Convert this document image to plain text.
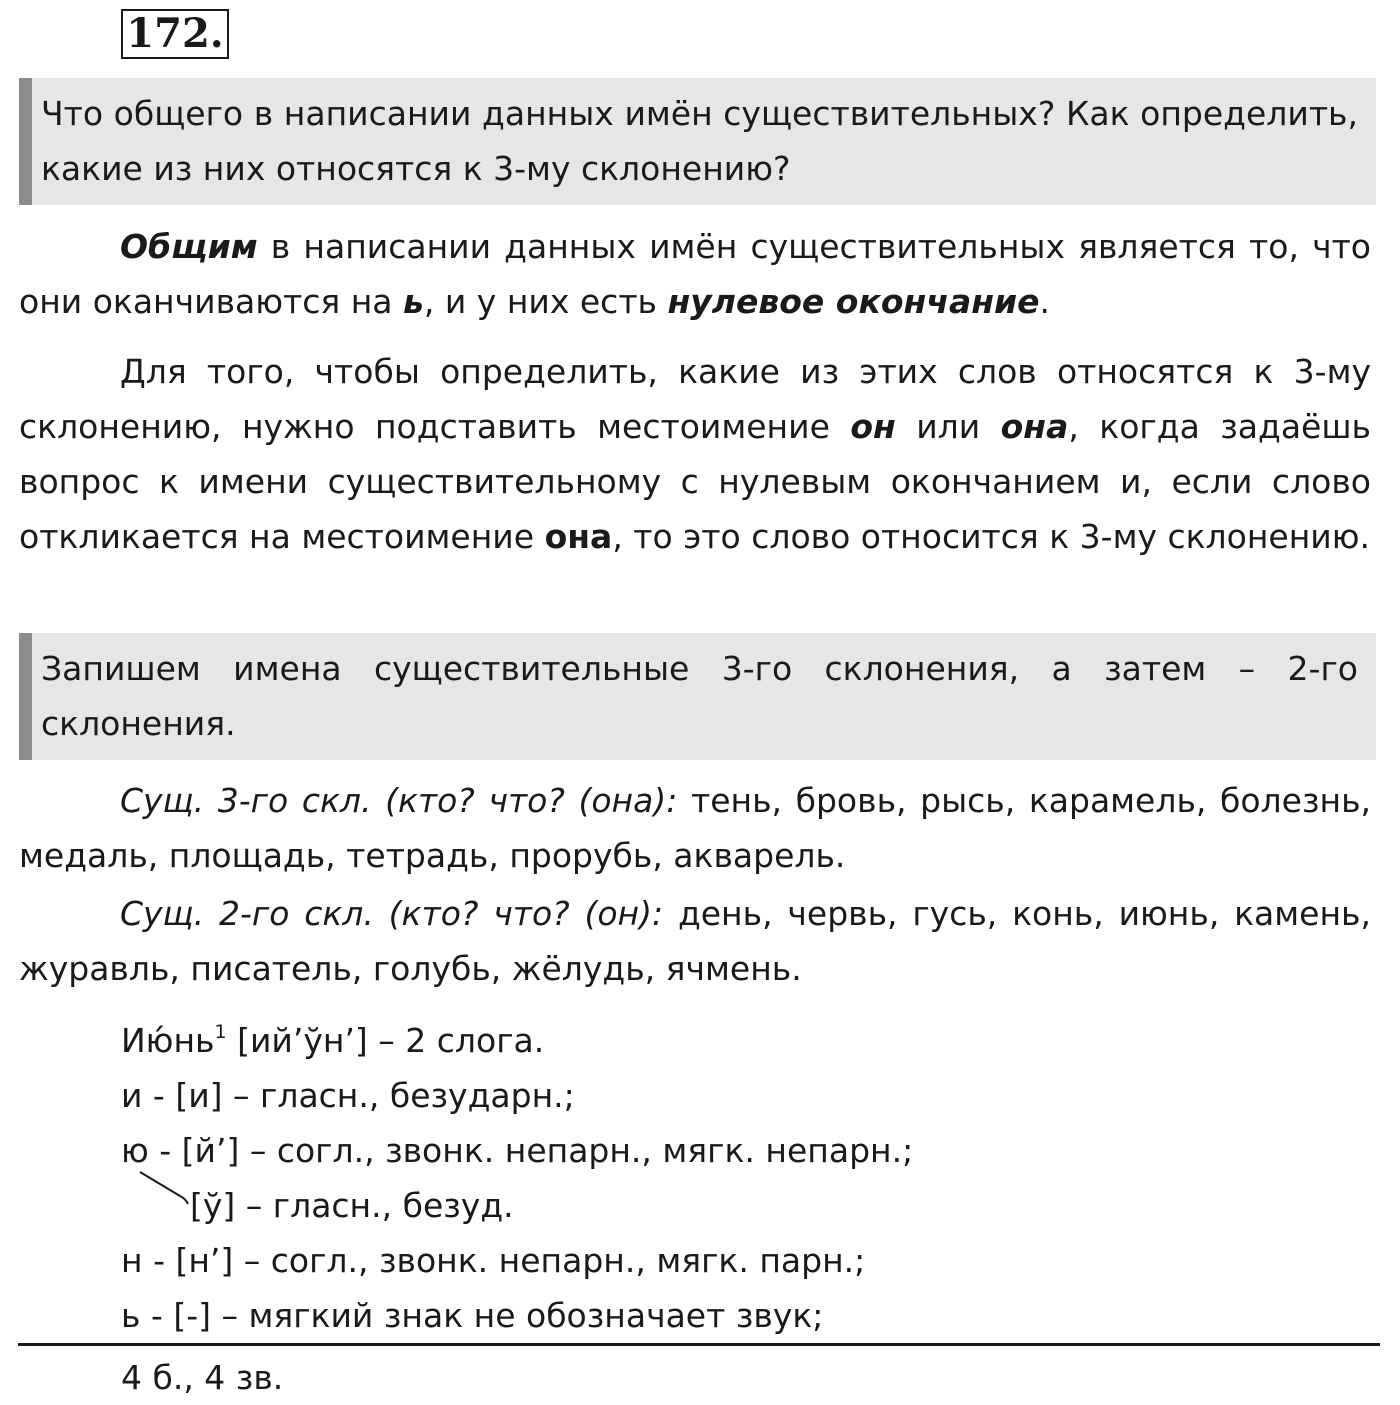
172.
Что общего в написании данных имён существительных? Как определить, какие из них относятся к 3-му склонению?

Общим в написании данных имён существительных является то, что они оканчиваются на ь, и у них есть нулевое окончание.

Для того, чтобы определить, какие из этих слов относятся к 3-му склонению, нужно подставить местоимение он или она, когда задаёшь вопрос к имени существительному с нулевым окончанием и, если слово откликается на местоимение она, то это слово относится к 3-му склонению.

Запишем имена существительные 3-го склонения, а затем – 2-го склонения.

Сущ. 3-го скл. (кто? что? (она): тень, бровь, рысь, карамель, болезнь, медаль, площадь, тетрадь, прорубь, акварель.

Сущ. 2-го скл. (кто? что? (он): день, червь, гусь, конь, июнь, камень, журавль, писатель, голубь, жёлудь, ячмень.

Июнь$^1$ [ий’ўн’] – 2 слога.
и - [и] – гласн., безударн.;
ю - [й’] – согл., звонк. непарн., мягк. непарн.;
[ў] – гласн., безуд.
н - [н’] – согл., звонк. непарн., мягк. парн.;
ь - [-] – мягкий знак не обозначает звук;
4 б., 4 зв.
